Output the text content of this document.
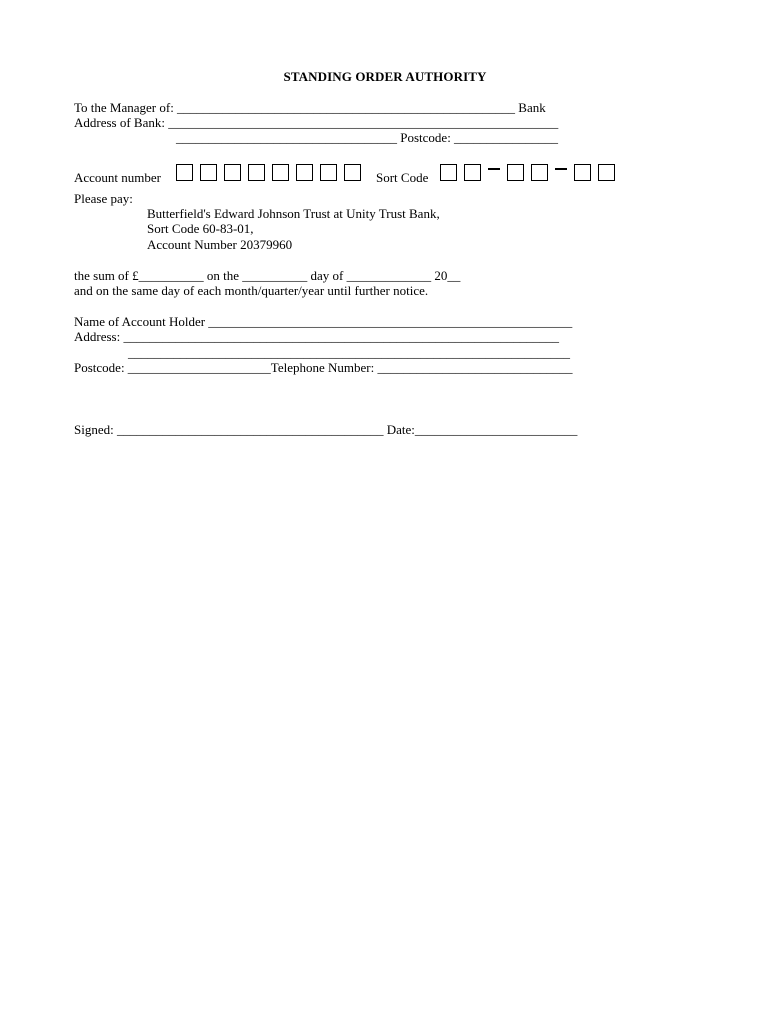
STANDING ORDER AUTHORITY
To the Manager of: ____________________________________________________ Bank
Address of Bank: ____________________________________________________________
__________________________________ Postcode: ________________
Account number	Sort Code
Please pay:
Butterfield's Edward Johnson Trust at Unity Trust Bank,
Sort Code 60-83-01,
Account Number 20379960
the sum of £__________ on the __________ day of _____________ 20__
and on the same day of each month/quarter/year until further notice.
Name of Account Holder ________________________________________________________
Address: ___________________________________________________________________
____________________________________________________________________
Postcode: ______________________Telephone Number: ______________________________
Signed: _________________________________________ Date:_________________________
